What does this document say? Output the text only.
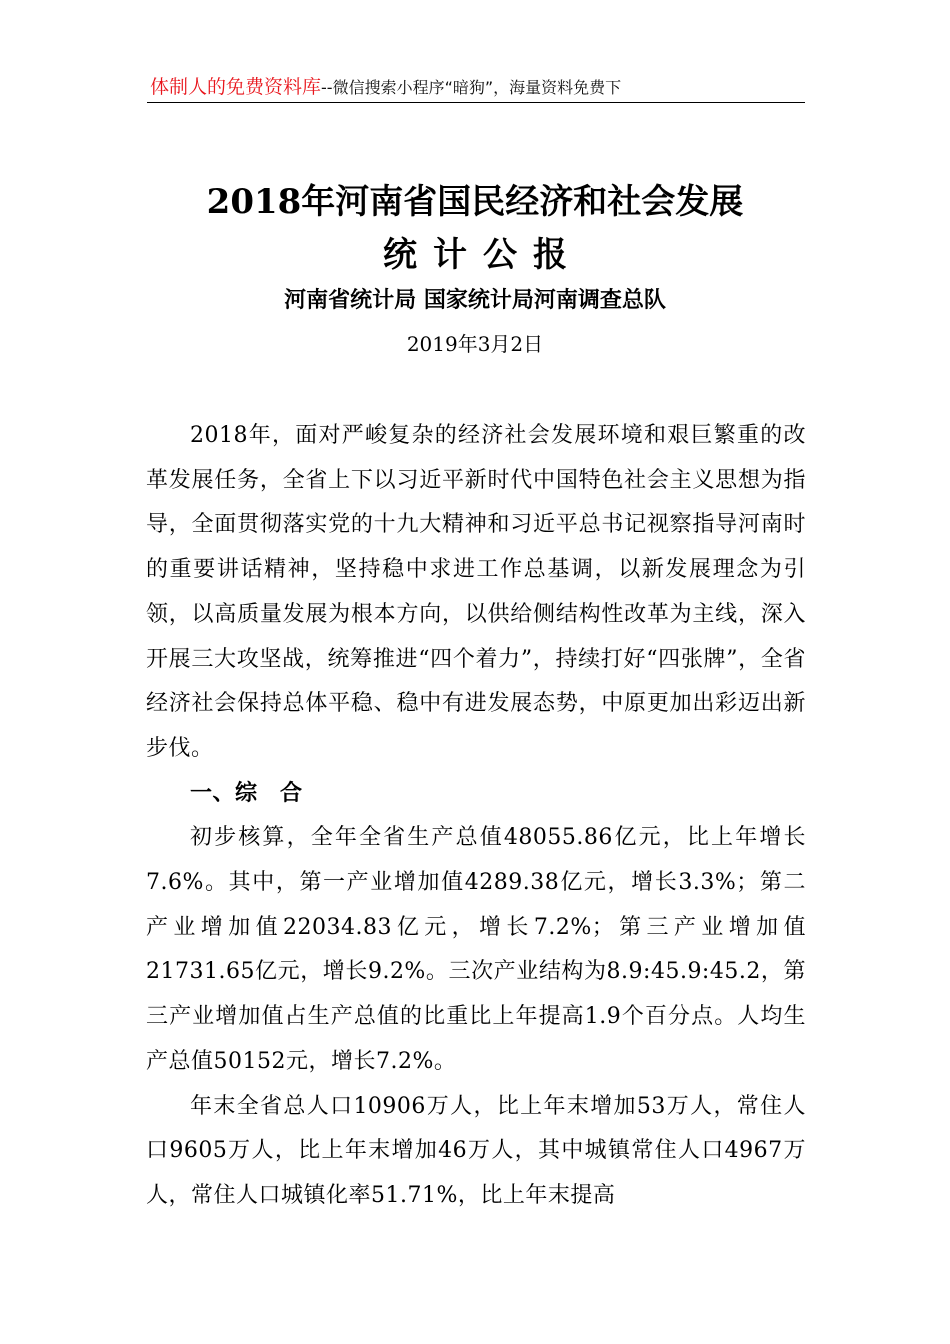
体制人的免费资料库--微信搜索小程序“暗狗”，海量资料免费下
2018年河南省国民经济和社会发展
统计公报
河南省统计局 国家统计局河南调查总队
2019年3月2日

2018年，面对严峻复杂的经济社会发展环境和艰巨繁重的改革发展任务，全省上下以习近平新时代中国特色社会主义思想为指导，全面贯彻落实党的十九大精神和习近平总书记视察指导河南时的重要讲话精神，坚持稳中求进工作总基调，以新发展理念为引领，以高质量发展为根本方向，以供给侧结构性改革为主线，深入开展三大攻坚战，统筹推进“四个着力”，持续打好“四张牌”，全省经济社会保持总体平稳、稳中有进发展态势，中原更加出彩迈出新步伐。

一、综　合

初步核算，全年全省生产总值48055.86亿元，比上年增长7.6%。其中，第一产业增加值4289.38亿元，增长3.3%；第二产业增加值22034.83亿元，增长7.2%；第三产业增加值21731.65亿元，增长9.2%。三次产业结构为8.9:45.9:45.2，第三产业增加值占生产总值的比重比上年提高1.9个百分点。人均生产总值50152元，增长7.2%。

年末全省总人口10906万人，比上年末增加53万人，常住人口9605万人，比上年末增加46万人，其中城镇常住人口4967万人，常住人口城镇化率51.71%，比上年末提高
